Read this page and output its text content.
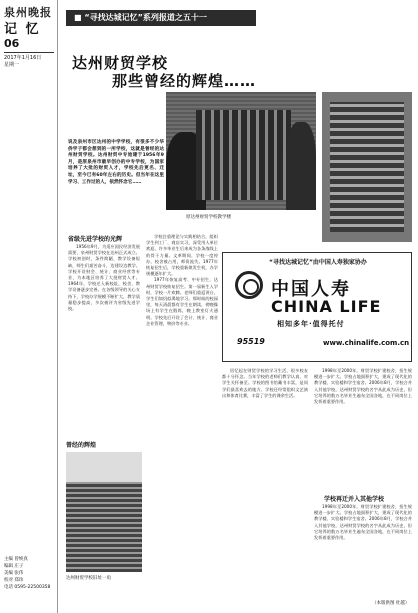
泉州晚报
记 忆
06
2017年1月16日
星期一
主编 曾焕真
编辑 庄子
美编 张伟
校对 郑珍
电话 0595-22500358
■ “寻找达城记忆”系列报道之五十一
达州财贸学校
那些曾经的辉煌……
原达州财贸学校教学楼
说及泉州市区达州的中学学校，有很多不少华侨学子都会想到的一所学校，这就是曾经的达州财贸学校。达州财贸中专始建于1956年9月，是原泉州市最早创办的中专学校，为国家培养了大批的财贸人才，学校先后更名、迁址，至今已有60年左右的历史。但当年在这里学习、工作过的人，依然怀念它……
“寻找达城记忆”由中国人寿独家协办
中国人寿
CHINA LIFE
相知多年·值得托付
95519	www.chinalife.com.cn
省级先进学校的光辉
1956年9月，为适应国民经济发展需要，泉州财贸学校在达州正式成立。学校初创时，条件简陋，教学设备短缺，师生们艰苦奋斗，边建设边教学。学校开设财会、统计、商业经营等专业，为本地区培养了大批财贸人才。1964年，学校迁入新校址，校舍、教学设备逐步完善。在各级领导的关心支持下，学校办学规模不断扩大，教学质量稳步提高，多次被评为省级先进学校。
曾经的辉煌
达州财贸学校旧址一角
学校注重理论与实践相结合，组织学生到工厂、商店实习，深受用人单位欢迎。许多毕业生后来成为各条战线上的骨干力量。文革期间，学校一度停办，校舍被占用，师资流失。1977年恢复招生后，学校重新焕发生机，办学规模逐年扩大。
1977年恢复高考、中专招生，达州财贸学校恢复招生。第一届新生入学时，学校一片欢腾。老师们重返讲台，学生们如饥似渴地学习。那时候的校园里，每天清晨都有学生在朗读，傍晚操场上有学生在锻炼，晚上教室灯火通明。学校先后开设了会计、统计、商业企业管理、物价等专业。
回忆起在财贸学校的学习生活，很多校友都十分怀念。当年学校的老师们教学认真，对学生关怀备至。学校的图书馆藏书丰富，是同学们最喜欢去的地方。学校还经常组织文艺演出和体育比赛，丰富了学生的课余生活。
1998年至2000年，财贸学校扩建校舍，招生规模进一步扩大。学校占地面积扩大，建成了现代化的教学楼、实验楼和学生宿舍。2006年8月，学校合并入其他学校，达州财贸学校的名字从此成为历史，但它培养的数万名毕业生遍布全国各地，在不同岗位上发挥着重要作用。
学校再迁并入其他学校
1998年至2000年，财贸学校扩建校舍，招生规模进一步扩大。学校占地面积扩大，建成了现代化的教学楼、实验楼和学生宿舍。2006年8月，学校合并入其他学校，达州财贸学校的名字从此成为历史，但它培养的数万名毕业生遍布全国各地，在不同岗位上发挥着重要作用。
（本版供图 杜越）
